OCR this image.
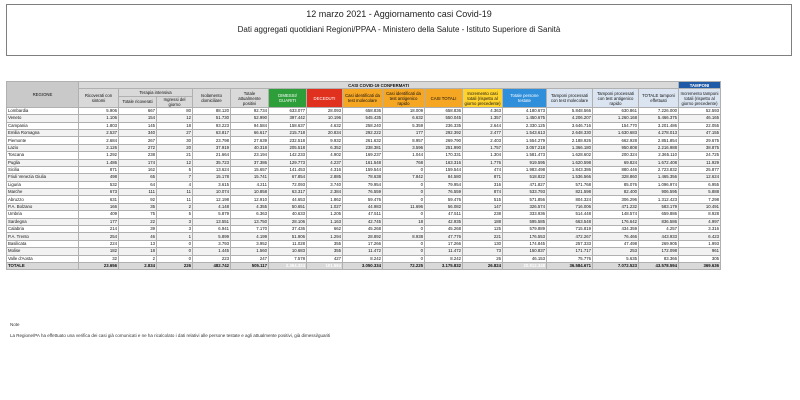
12 marzo 2021 - Aggiornamento casi Covid-19
Dati aggregati quotidiani Regioni/PPAA - Ministero della Salute - Istituto Superiore di Sanità
REGIONE	CASI COVID-19 CONFERMATI															TAMPONI
	Ricoverati con sintomi	Terapia intensiva		Isolamento domiciliare	Totale attualmente positivi	DIMESSI/ GUARITI	DECEDUTI	Casi identificati da test molecolare	Casi identificati da test antigenico rapido	CASI TOTALI	Incremento casi totali (rispetto al giorno precedente)	Totale persone testate	Tamponi processati con test molecolare	Tamponi processati con test antigenico rapido	TOTALE tamponi effettuati	Incremento tamponi totali (rispetto al giorno precedente)
		Totale ricoverati	Ingressi del giorno													
Lombardia	5.906	667	80	88.120	92.734	633.077	28.093	658.836	18.009	658.836	4.363	4.180.673	5.848.566	630.861	7.226.000	52.593
Veneto	1.106	154	12	51.730	52.990	397.442	10.196	545.435	6.632	550.045	1.357	1.450.675	4.206.207	1.260.168	5.466.375	46.165
Campania	1.803	145	18	93.223	94.584	158.637	4.632	258.240	5.359	236.335	2.644	2.330.125	3.646.716	154.770	3.201.486	22.055
Emilia Romagna	2.537	340	27	63.817	66.617	215.718	20.834	292.222	177	292.392	2.477	1.543.613	2.648.330	1.630.683	4.278.013	47.155
Piemonte	2.684	267	30	23.798	27.639	232.518	9.932	261.632	8.957	269.790	2.403	1.554.279	2.188.926	662.928	2.851.854	29.675
Lazio	2.126	272	20	37.919	40.318	205.518	6.352	238.381	3.596	251.990	1.757	3.057.218	1.366.180	950.808	2.216.988	38.875
Toscana	1.292	238	21	21.664	23.194	142.233	4.902	169.237	1.044	170.331	1.304	1.581.473	1.628.602	200.324	2.365.110	24.725
Puglia	1.486	174	12	35.723	37.386	129.773	4.237	161.548	768	163.316	1.776	919.595	1.620.598	69.824	1.672.408	11.929
Sicilia	871	162	5	13.624	15.657	141.453	4.316	159.544	0	159.544	474	1.983.498	1.843.386	880.446	2.723.832	25.877
Friuli Venezia Giulia	498	65	7	15.178	15.741	67.854	2.885	78.638	7.842	84.580	871	518.822	1.536.566	328.860	1.465.356	12.624
Liguria	532	64	4	3.615	4.211	72.093	3.740	79.954	0	79.954	316	471.827	571.768	85.076	1.096.974	6.955
Marche	673	111	11	10.074	10.858	63.317	2.384	76.559	0	76.559	874	533.793	821.598	82.400	906.595	5.888
Abruzzo	631	92	11	12.198	12.910	44.653	1.862	59.476	0	59.476	515	571.856	804.324	306.296	1.312.423	7.298
P.A. Bolzano	166	35	2	4.148	4.355	50.651	1.027	44.983	11.696	56.082	147	326.574	716.006	471.232	583.179	10.491
Umbria	409	75	5	5.879	6.363	40.633	1.205	47.511	0	47.511	238	333.936	514.448	148.574	659.886	8.928
Sardegna	177	22	3	13.551	13.750	28.106	1.163	42.745	18	42.935	188	595.585	663.548	176.642	836.586	4.997
Calabria	214	39	3	6.941	7.170	37.436	662	45.268	0	45.268	125	579.889	715.819	434.359	4.257	3.316
P.A. Trento	254	46	1	5.899	4.199	51.906	1.294	28.892	8.938	47.776	221	176.553	472.267	76.466	443.933	6.423
Basilicata	224	13	0	3.793	3.952	11.028	355	17.266	0	17.266	130	174.845	257.333	47.498	269.905	1.993
Molise	182	18	0	1.445	1.560	10.683	355	11.472	0	11.472	73	150.837	171.717	253	172.098	961
Valle d'Aosta	32	2	0	223	247	7.578	427	8.242	0	8.242	26	46.153	75.776	5.635	83.366	305
TOTALE	23.656	2.834	226	482.742	505.117	2.364.324	101.564	3.050.334	72.225	3.175.832	26.824	20.912.348	36.584.671	7.072.523	43.578.594	369.636
Note
La Regione/PA ha effettuato una verifica dei casi già comunicati e ne ha ricalcolato i dati relativi alle persone testate e agli attualmente positivi, già dimessi/guariti
